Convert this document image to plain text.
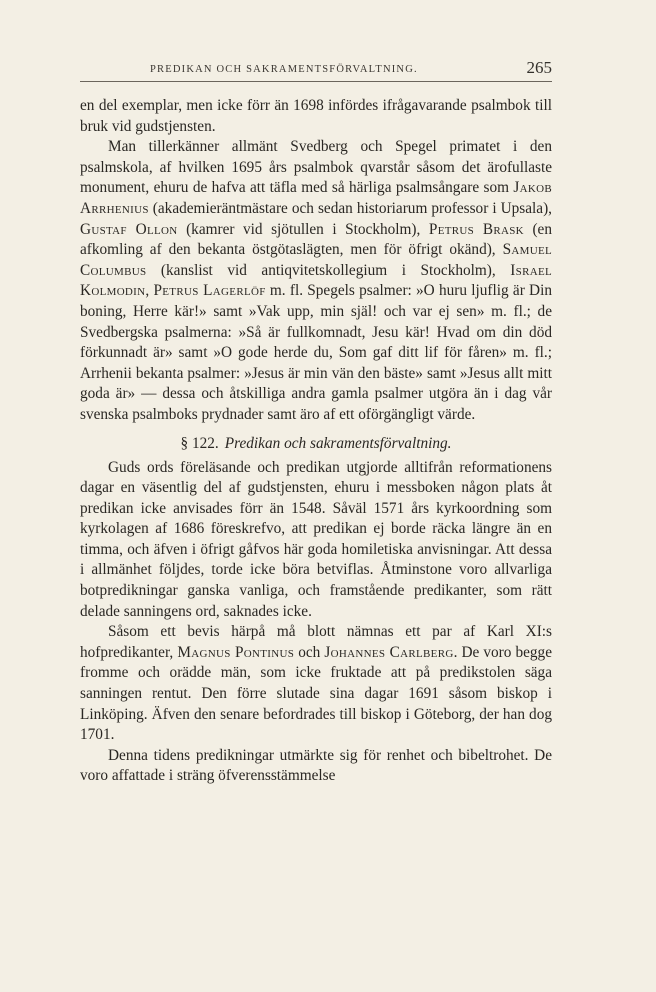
PREDIKAN OCH SAKRAMENTSFÖRVALTNING.	265

en del exemplar, men icke förr än 1698 infördes ifrågavarande psalmbok till bruk vid gudstjensten.

Man tillerkänner allmänt Svedberg och Spegel primatet i den psalmskola, af hvilken 1695 års psalmbok qvarstår såsom det ärofullaste monument, ehuru de hafva att täfla med så härliga psalmsångare som Jakob Arrhenius (akademieräntmästare och sedan historiarum professor i Upsala), Gustaf Ollon (kamrer vid sjötullen i Stockholm), Petrus Brask (en afkomling af den bekanta östgötaslägten, men för öfrigt okänd), Samuel Columbus (kanslist vid antiqvitetskollegium i Stockholm), Israel Kolmodin, Petrus Lagerlöf m. fl. Spegels psalmer: »O huru ljuflig är Din boning, Herre kär!» samt »Vak upp, min själ! och var ej sen» m. fl.; de Svedbergska psalmerna: »Så är fullkomnadt, Jesu kär! Hvad om din död förkunnadt är» samt »O gode herde du, Som gaf ditt lif för fåren» m. fl.; Arrhenii bekanta psalmer: »Jesus är min vän den bäste» samt »Jesus allt mitt goda är» — dessa och åtskilliga andra gamla psalmer utgöra än i dag vår svenska psalmboks prydnader samt äro af ett oförgängligt värde.

§ 122. Predikan och sakramentsförvaltning.

Guds ords föreläsande och predikan utgjorde alltifrån reformationens dagar en väsentlig del af gudstjensten, ehuru i messboken någon plats åt predikan icke anvisades förr än 1548. Såväl 1571 års kyrkoordning som kyrkolagen af 1686 föreskrefvo, att predikan ej borde räcka längre än en timma, och äfven i öfrigt gåfvos här goda homiletiska anvisningar. Att dessa i allmänhet följdes, torde icke böra betviflas. Åtminstone voro allvarliga botpredikningar ganska vanliga, och framstående predikanter, som rätt delade sanningens ord, saknades icke.

Såsom ett bevis härpå må blott nämnas ett par af Karl XI:s hofpredikanter, Magnus Pontinus och Johannes Carlberg. De voro begge fromme och orädde män, som icke fruktade att på predikstolen säga sanningen rentut. Den förre slutade sina dagar 1691 såsom biskop i Linköping. Äfven den senare befordrades till biskop i Göteborg, der han dog 1701.

Denna tidens predikningar utmärkte sig för renhet och bibeltrohet. De voro affattade i sträng öfverensstämmelse
